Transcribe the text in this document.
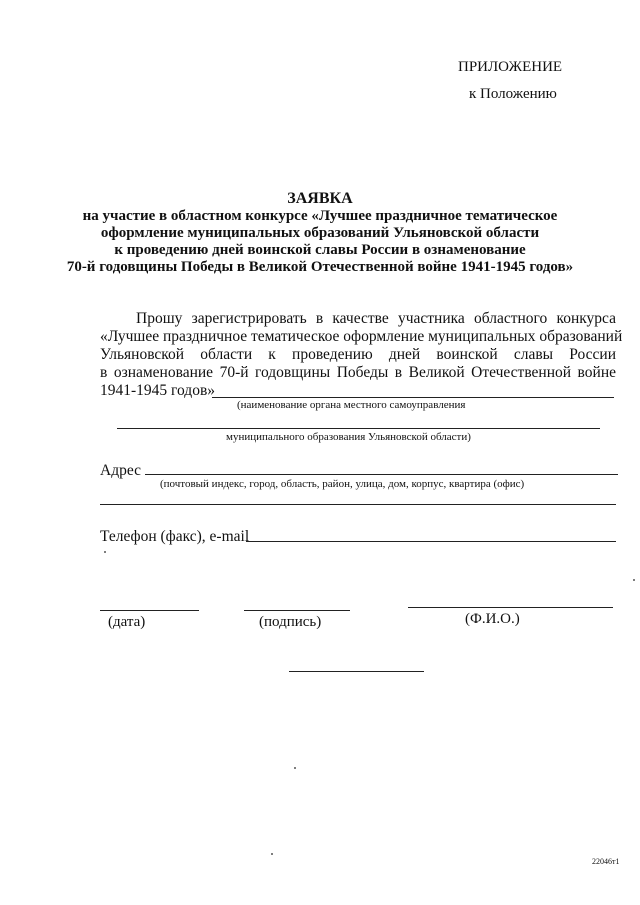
ПРИЛОЖЕНИЕ
к Положению
ЗАЯВКА
на участие в областном конкурсе «Лучшее праздничное тематическое
оформление муниципальных образований Ульяновской области
к проведению дней воинской славы России в ознаменование
70-й годовщины Победы в Великой Отечественной войне 1941-1945 годов»
Прошу зарегистрировать в качестве участника областного конкурса
«Лучшее праздничное тематическое оформление муниципальных образований
Ульяновской области к проведению дней воинской славы России
в ознаменование 70-й годовщины Победы в Великой Отечественной войне
1941-1945 годов»
(наименование органа местного самоуправления
муниципального образования Ульяновской области)
Адрес
(почтовый индекс, город, область, район, улица, дом, корпус, квартира (офис)
Телефон (факс), e-mail
(дата)	(подпись)	(Ф.И.О.)
22046т1
